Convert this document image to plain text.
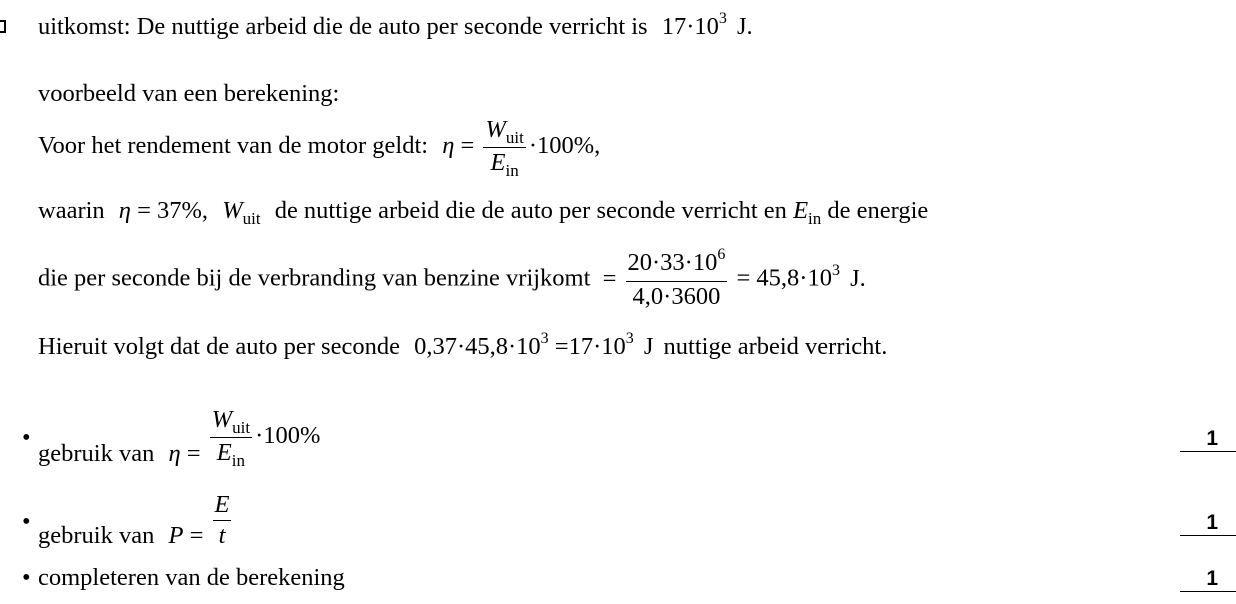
uitkomst: De nuttige arbeid die de auto per seconde verricht is $17\cdot 10^3$ J.
voorbeeld van een berekening:
Voor het rendement van de motor geldt: $\eta = \frac{W_{uit}}{E_{in}} \cdot 100\%$,
waarin η = 37%, $W_{uit}$ de nuttige arbeid die de auto per seconde verricht en $E_{in}$ de energie
die per seconde bij de verbranding van benzine vrijkomt = $\frac{20\cdot 33\cdot 10^6}{4,0\cdot 3600} = 45,8\cdot 10^3$ J.
Hieruit volgt dat de auto per seconde $0,37\cdot 45,8\cdot 10^3 =17\cdot 10^3$ J nuttige arbeid verricht.
•
gebruik van $\eta = \frac{W_{uit}}{E_{in}} \cdot 100\%$	1
•
gebruik van $P = \frac{E}{t}$	1
• completeren van de berekening	1
